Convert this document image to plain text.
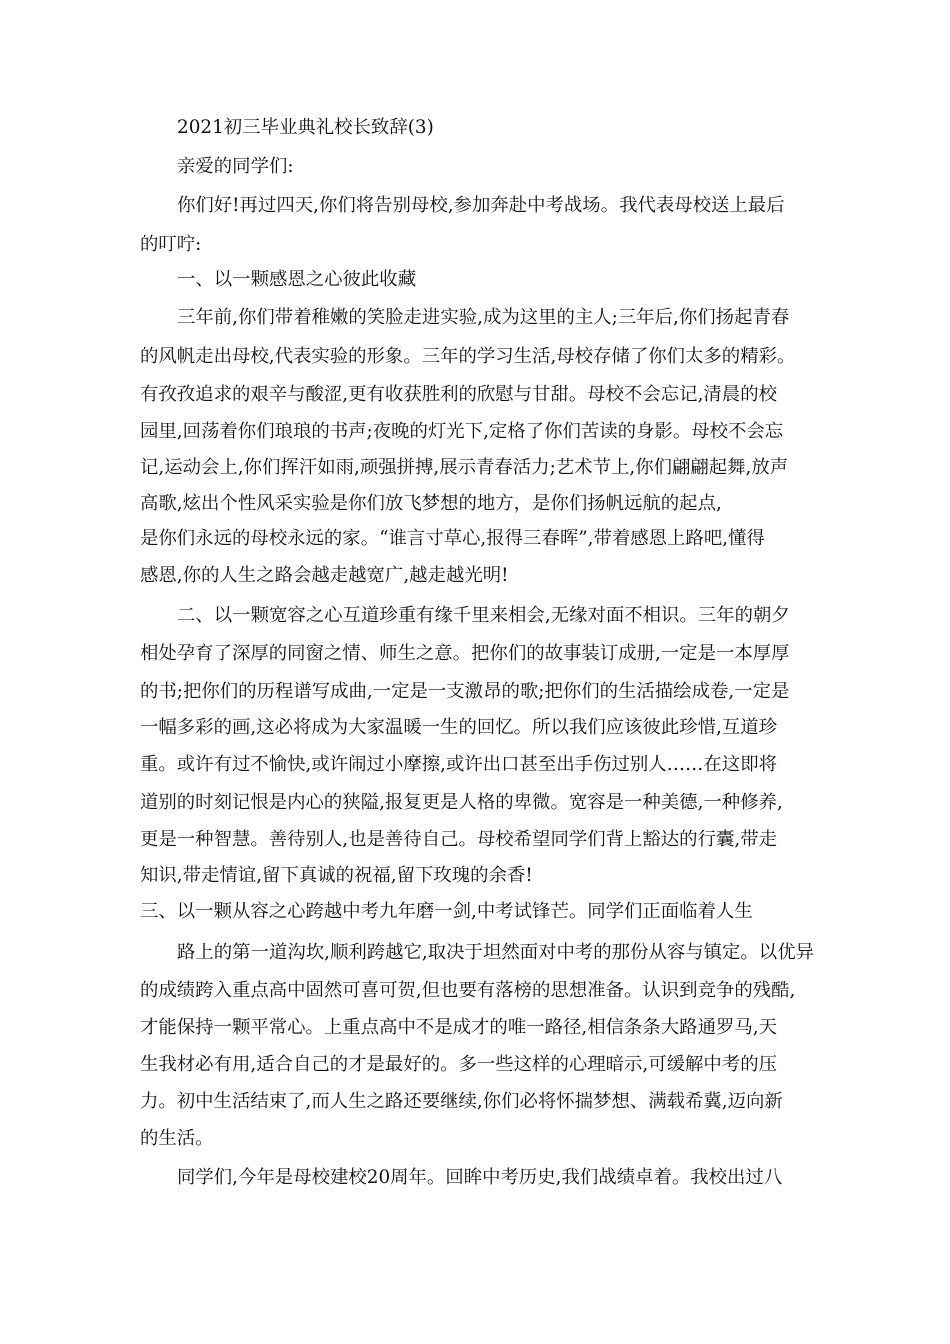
2021初三毕业典礼校长致辞(3)
亲爱的同学们:
你们好!再过四天,你们将告别母校,参加奔赴中考战场。我代表母校送上最后
的叮咛:
一、以一颗感恩之心彼此收藏
三年前,你们带着稚嫩的笑脸走进实验,成为这里的主人;三年后,你们扬起青春
的风帆走出母校,代表实验的形象。三年的学习生活,母校存储了你们太多的精彩。
有孜孜追求的艰辛与酸涩,更有收获胜利的欣慰与甘甜。母校不会忘记,清晨的校
园里,回荡着你们琅琅的书声;夜晚的灯光下,定格了你们苦读的身影。母校不会忘
记,运动会上,你们挥汗如雨,顽强拼搏,展示青春活力;艺术节上,你们翩翩起舞,放声
高歌,炫出个性风采实验是你们放飞梦想的地方，是你们扬帆远航的起点,
是你们永远的母校永远的家。“谁言寸草心,报得三春晖”,带着感恩上路吧,懂得
感恩,你的人生之路会越走越宽广,越走越光明!
二、以一颗宽容之心互道珍重有缘千里来相会,无缘对面不相识。三年的朝夕
相处孕育了深厚的同窗之情、师生之意。把你们的故事装订成册,一定是一本厚厚
的书;把你们的历程谱写成曲,一定是一支激昂的歌;把你们的生活描绘成卷,一定是
一幅多彩的画,这必将成为大家温暖一生的回忆。所以我们应该彼此珍惜,互道珍
重。或许有过不愉快,或许闹过小摩擦,或许出口甚至出手伤过别人……在这即将
道别的时刻记恨是内心的狭隘,报复更是人格的卑微。宽容是一种美德,一种修养,
更是一种智慧。善待别人,也是善待自己。母校希望同学们背上豁达的行囊,带走
知识,带走情谊,留下真诚的祝福,留下玫瑰的余香!
三、以一颗从容之心跨越中考九年磨一剑,中考试锋芒。同学们正面临着人生
路上的第一道沟坎,顺利跨越它,取决于坦然面对中考的那份从容与镇定。以优异
的成绩跨入重点高中固然可喜可贺,但也要有落榜的思想准备。认识到竞争的残酷,
才能保持一颗平常心。上重点高中不是成才的唯一路径,相信条条大路通罗马,天
生我材必有用,适合自己的才是最好的。多一些这样的心理暗示,可缓解中考的压
力。初中生活结束了,而人生之路还要继续,你们必将怀揣梦想、满载希冀,迈向新
的生活。
同学们,今年是母校建校20周年。回眸中考历史,我们战绩卓着。我校出过八
